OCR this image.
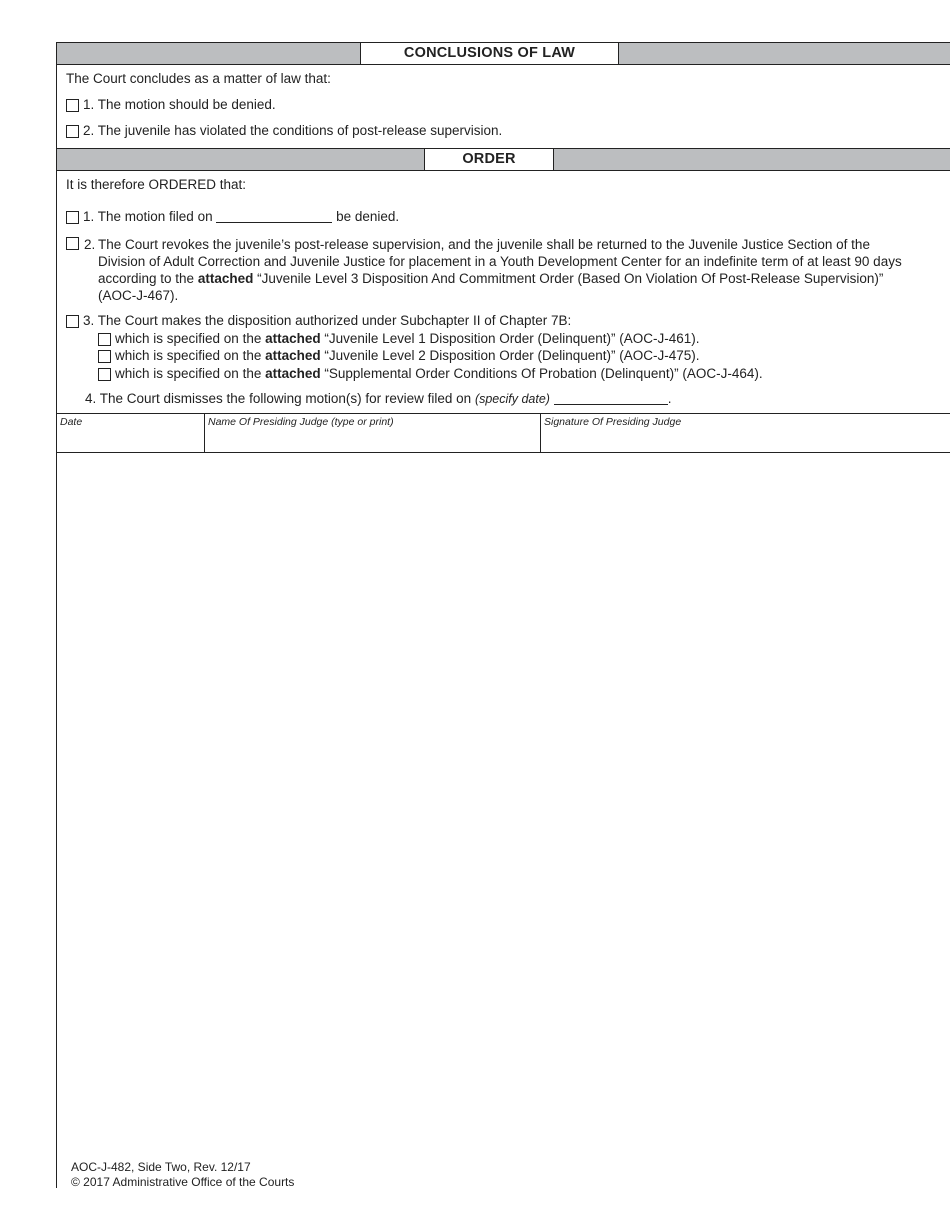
CONCLUSIONS OF LAW
The Court concludes as a matter of law that:
1. The motion should be denied.
2. The juvenile has violated the conditions of post-release supervision.
ORDER
It is therefore ORDERED that:
1. The motion filed on	be denied.
2. The Court revokes the juvenile’s post-release supervision, and the juvenile shall be returned to the Juvenile Justice Section of the Division of Adult Correction and Juvenile Justice for placement in a Youth Development Center for an indefinite term of at least 90 days according to the attached “Juvenile Level 3 Disposition And Commitment Order (Based On Violation Of Post-Release Supervision)” (AOC-J-467).
3. The Court makes the disposition authorized under Subchapter II of Chapter 7B:
which is specified on the attached “Juvenile Level 1 Disposition Order (Delinquent)” (AOC-J-461).
which is specified on the attached “Juvenile Level 2 Disposition Order (Delinquent)” (AOC-J-475).
which is specified on the attached “Supplemental Order Conditions Of Probation (Delinquent)” (AOC-J-464).
4. The Court dismisses the following motion(s) for review filed on (specify date)	.
Date	Name Of Presiding Judge (type or print)	Signature Of Presiding Judge
AOC-J-482, Side Two, Rev. 12/17
© 2017 Administrative Office of the Courts
